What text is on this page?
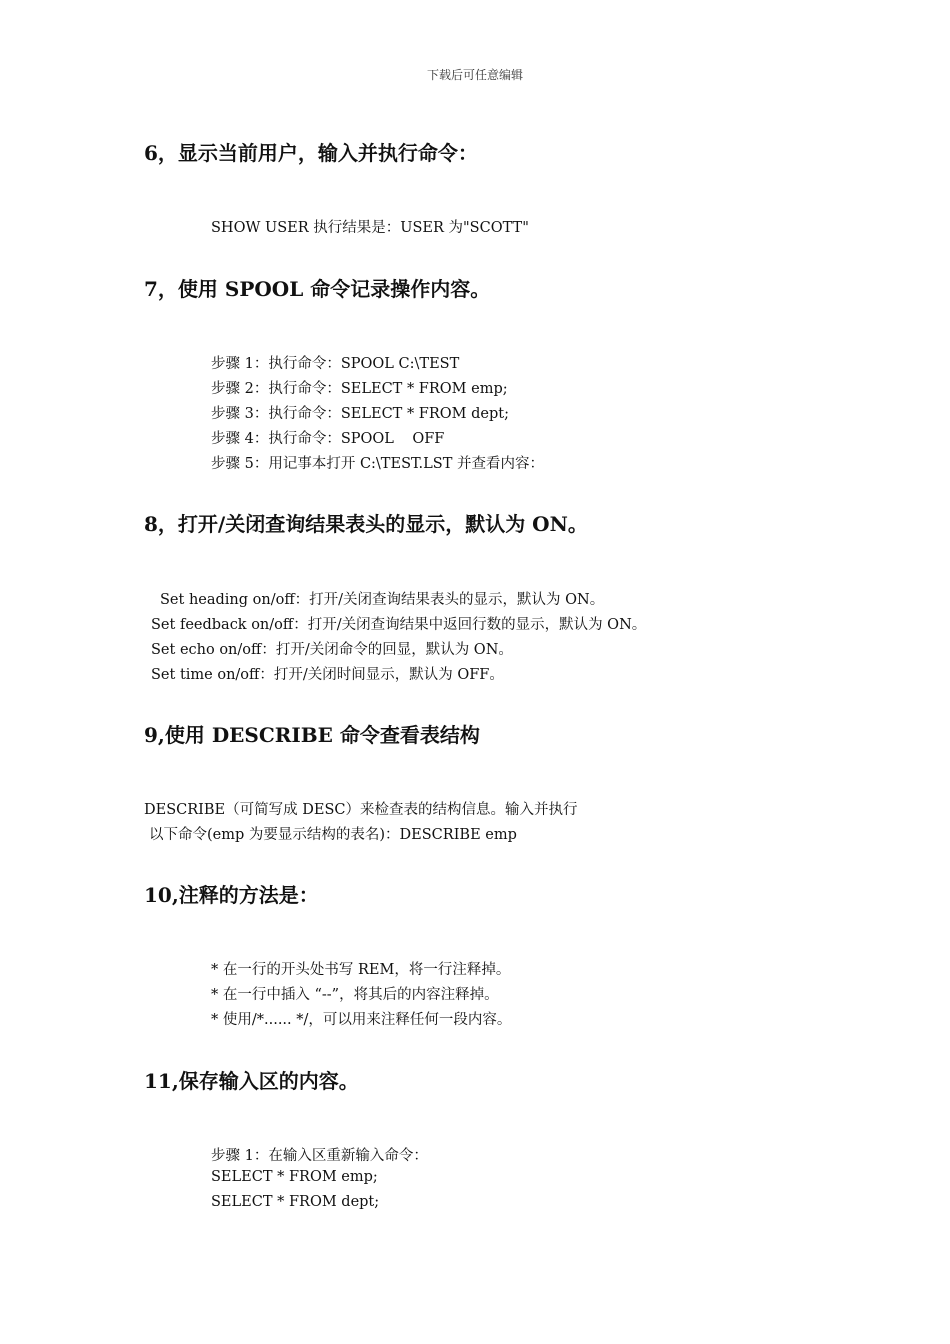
下载后可任意编辑
6，显示当前用户，输入并执行命令：

SHOW USER 执行结果是：USER 为"SCOTT"

7，使用 SPOOL 命令记录操作内容。

步骤 1：执行命令：SPOOL C:\TEST

步骤 2：执行命令：SELECT * FROM emp;

步骤 3：执行命令：SELECT * FROM dept;

步骤 4：执行命令：SPOOL    OFF

步骤 5：用记事本打开 C:\TEST.LST 并查看内容：

8，打开/关闭查询结果表头的显示，默认为 ON。

Set heading on/off：打开/关闭查询结果表头的显示，默认为 ON。

Set feedback on/off：打开/关闭查询结果中返回行数的显示，默认为 ON。

Set echo on/off：打开/关闭命令的回显，默认为 ON。

Set time on/off：打开/关闭时间显示，默认为 OFF。

9,使用 DESCRIBE 命令查看表结构

DESCRIBE（可简写成 DESC）来检查表的结构信息。输入并执行

以下命令(emp 为要显示结构的表名)：DESCRIBE emp

10,注释的方法是：

* 在一行的开头处书写 REM，将一行注释掉。

* 在一行中插入 “--”，将其后的内容注释掉。

* 使用/*...... */，可以用来注释任何一段内容。

11,保存输入区的内容。

步骤 1：在输入区重新输入命令：

SELECT * FROM emp;

SELECT * FROM dept;
